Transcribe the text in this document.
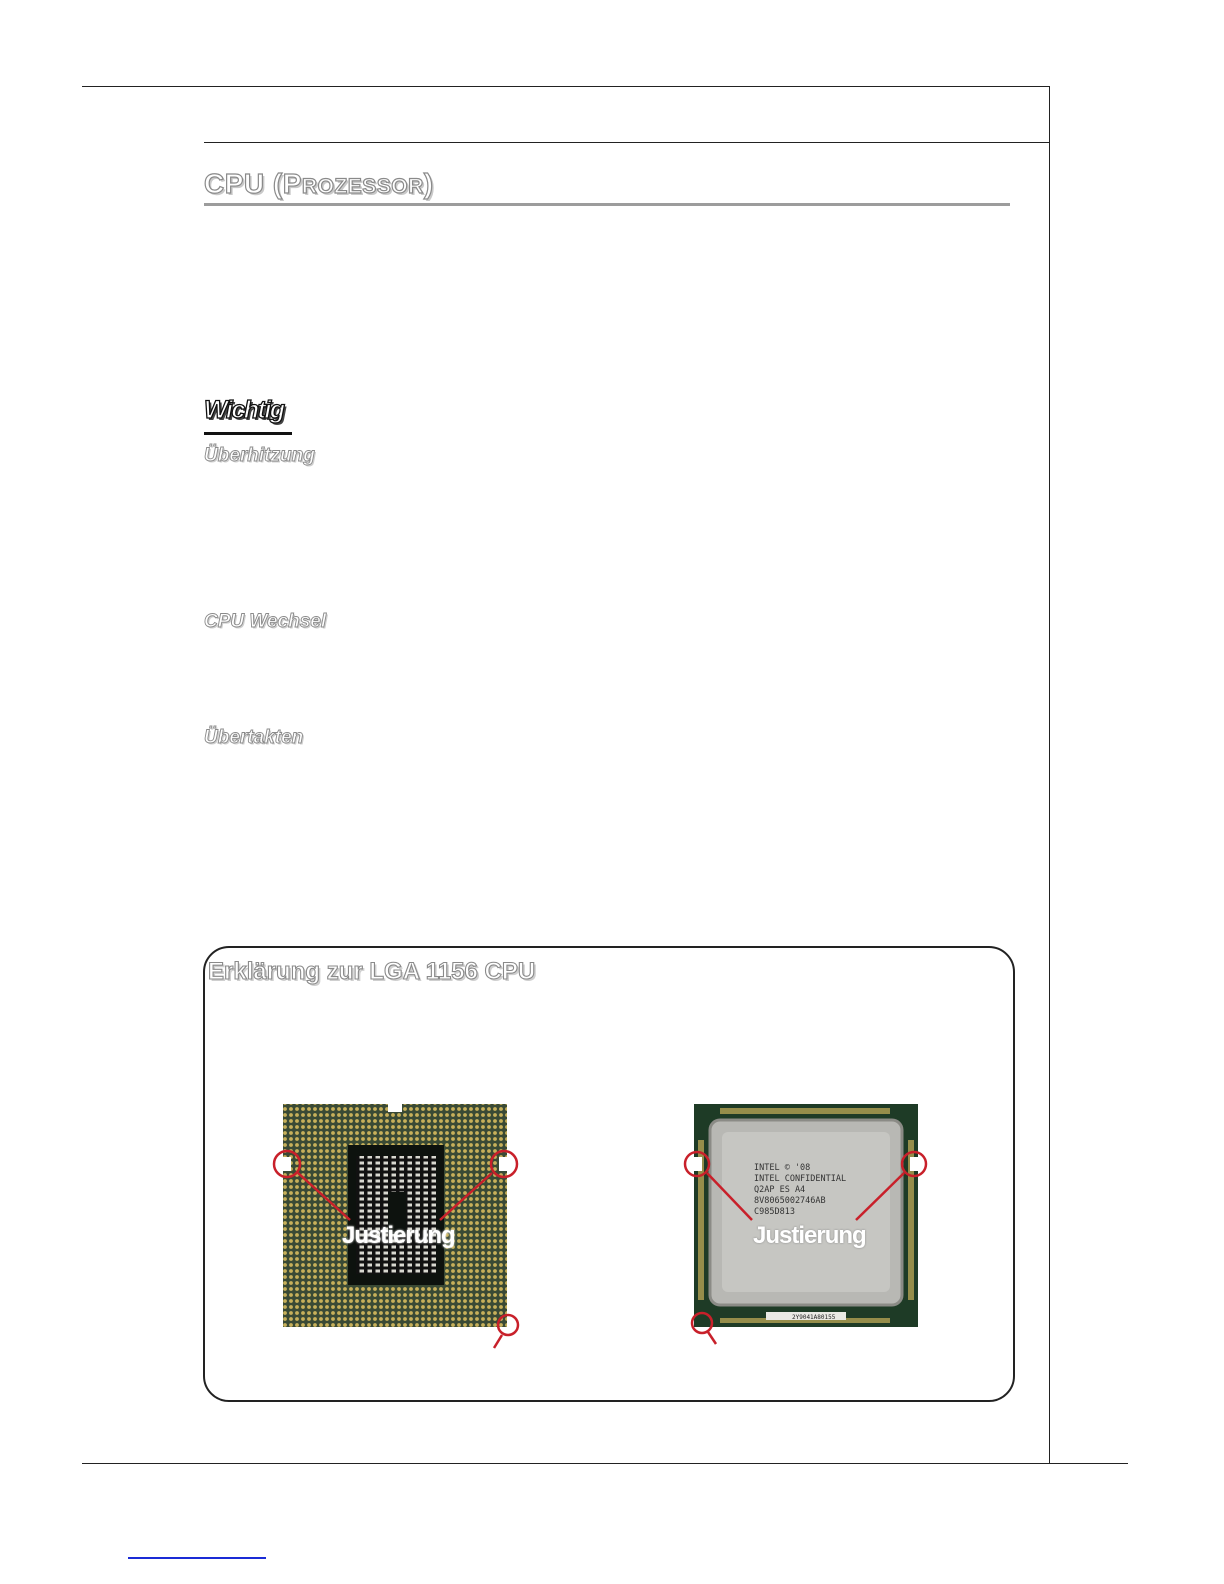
CPU (PROZESSOR)
Wichtig
Überhitzung
CPU Wechsel
Übertakten
Erklärung zur LGA 1156 CPU
Justierung
INTEL © '08
INTEL CONFIDENTIAL
Q2AP ES A4
8V8065002746AB
C985D813
2Y9041A80155
Justierung
